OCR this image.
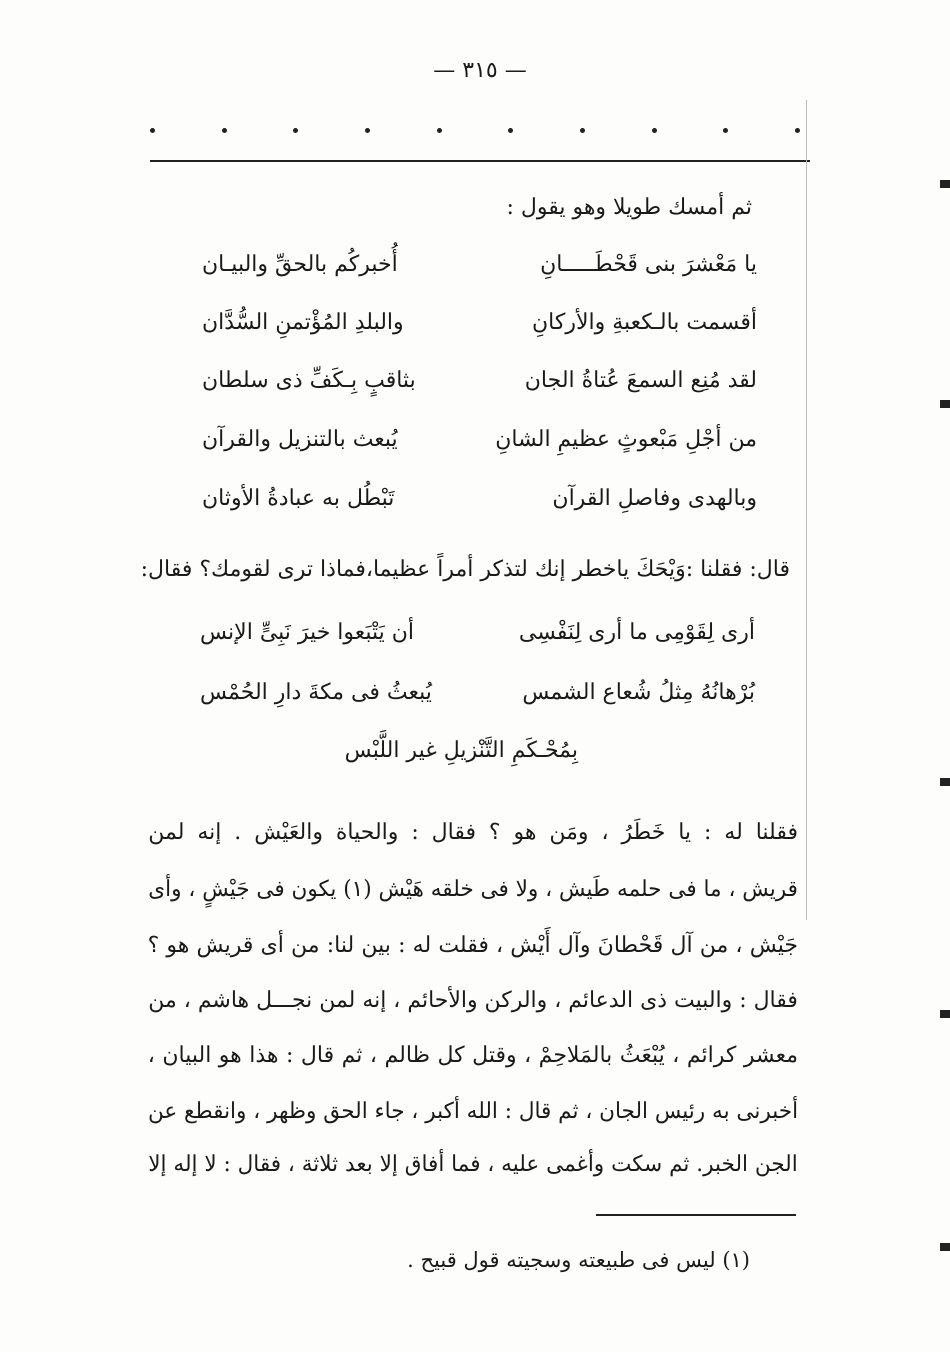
— ٣١٥ —
ثم أمسك طويلا وهو يقول :
يا مَعْشرَ بنى قَحْطَـــــانِ
أُخبركُم بالحقِّ والبيـان
أقسمت بالـكعبةِ والأركانِ
والبلدِ المُؤْتمنِ السُّدَّان
لقد مُنِع السمعَ عُتاةُ الجان
بثاقبٍ بِـكَفِّ ذى سلطان
من أجْلِ مَبْعوثٍ عظيمِ الشانِ
يُبعث بالتنزيل والقرآن
وبالهدى وفاصلِ القرآن
تَبْطُل به عبادةُ الأوثان
قال: فقلنا :وَيْحَكَ ياخطر إنك لتذكر أمراً عظيما،فماذا ترى لقومك؟ فقال:
أرى لِقَوْمِى ما أرى لِنَفْسِى
أن يَتْبَعوا خيرَ نَبِىٍّ الإنس
بُرْهانُهُ مِثلُ شُعاع الشمس
يُبعثُ فى مكةَ دارِ الحُمْس
بِمُحْـكَمِ التَّنْزيلِ غير اللَّبْس
فقلنا له : يا خَطَرُ ، ومَن هو ؟ فقال : والحياة والعَيْش . إنه لمن
قريش ، ما فى حلمه طَيش ، ولا فى خلقه هَيْش (١) يكون فى جَيْشٍ ، وأى
جَيْش ، من آل قَحْطانَ وآل أَيْش ، فقلت له : بين لنا: من أى قريش هو ؟
فقال : والبيت ذى الدعائم ، والركن والأحائم ، إنه لمن نجـــل هاشم ، من
معشر كرائم ، يُبْعَثُ بالمَلاحِمْ ، وقتل كل ظالم ، ثم قال : هذا هو البيان ،
أخبرنى به رئيس الجان ، ثم قال : الله أكبر ، جاء الحق وظهر ، وانقطع عن
الجن الخبر. ثم سكت وأغمى عليه ، فما أفاق إلا بعد ثلاثة ، فقال : لا إله إلا
(١) ليس فى طبيعته وسجيته قول قبيح .
